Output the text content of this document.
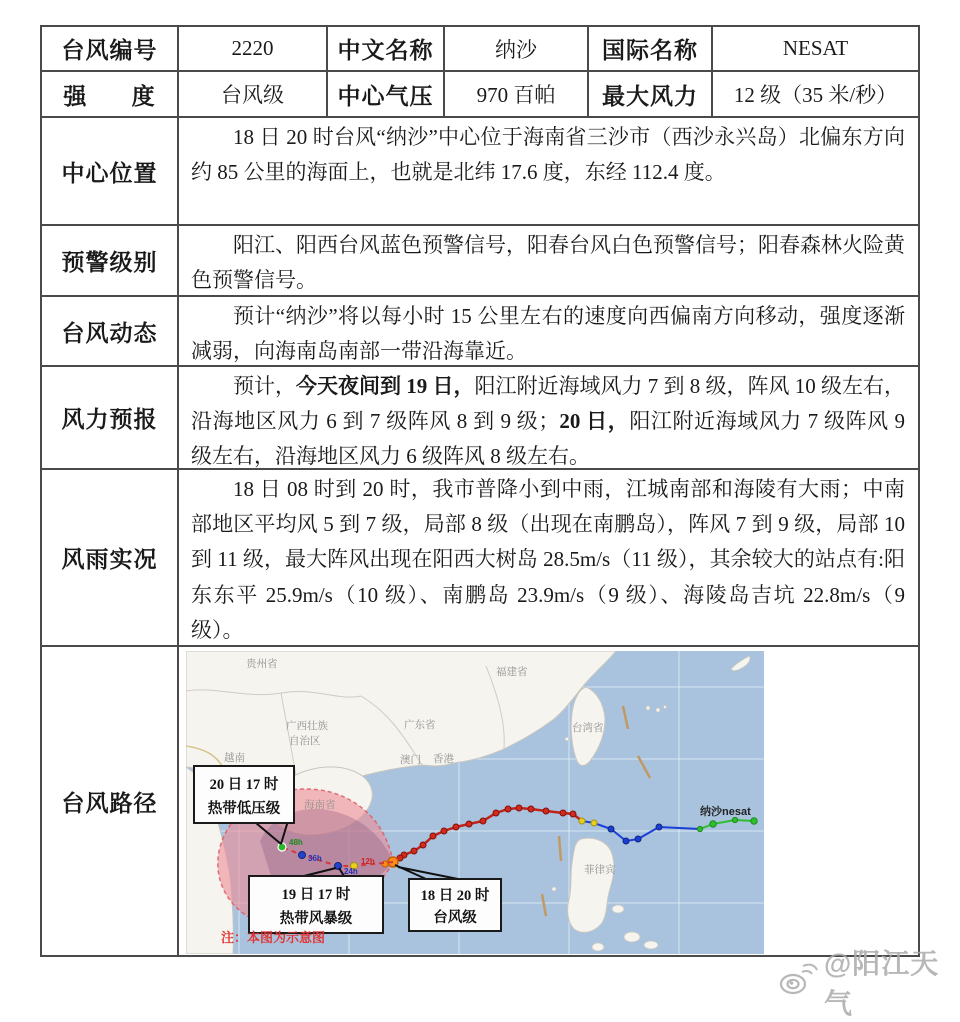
台风编号	2220	中文名称	纳沙	国际名称	NESAT
强      度	台风级	中心气压	970 百帕	最大风力	12 级（35 米/秒）
中心位置

18 日 20 时台风“纳沙”中心位于海南省三沙市（西沙永兴岛）北偏东方向约 85 公里的海面上，也就是北纬 17.6 度，东经 112.4 度。

预警级别

阳江、阳西台风蓝色预警信号，阳春台风白色预警信号；阳春森林火险黄色预警信号。

台风动态

预计“纳沙”将以每小时 15 公里左右的速度向西偏南方向移动，强度逐渐减弱，向海南岛南部一带沿海靠近。

风力预报

预计，今天夜间到 19 日，阳江附近海域风力 7 到 8 级，阵风 10 级左右，沿海地区风力 6 到 7 级阵风 8 到 9 级；20 日，阳江附近海域风力 7 级阵风 9 级左右，沿海地区风力 6 级阵风 8 级左右。

风雨实况

18 日 08 时到 20 时，我市普降小到中雨，江城南部和海陵有大雨；中南部地区平均风 5 到 7 级，局部 8 级（出现在南鹏岛），阵风 7 到 9 级，局部 10 到 11 级，最大阵风出现在阳西大树岛 28.5m/s（11 级），其余较大的站点有:阳东东平 25.9m/s（10 级）、南鹏岛 23.9m/s（9 级）、海陵岛吉坑 22.8m/s（9 级）。

台风路径
12h
24h
36h
48h
贵州省
福建省
广西壮族
自治区
广东省
澳门 香港
越南
海南省
台湾省
菲律宾
纳沙nesat
20 日 17 时
热带低压级
19 日 17 时
热带风暴级
18 日 20 时
台风级
注：本图为示意图
@阳江天气
